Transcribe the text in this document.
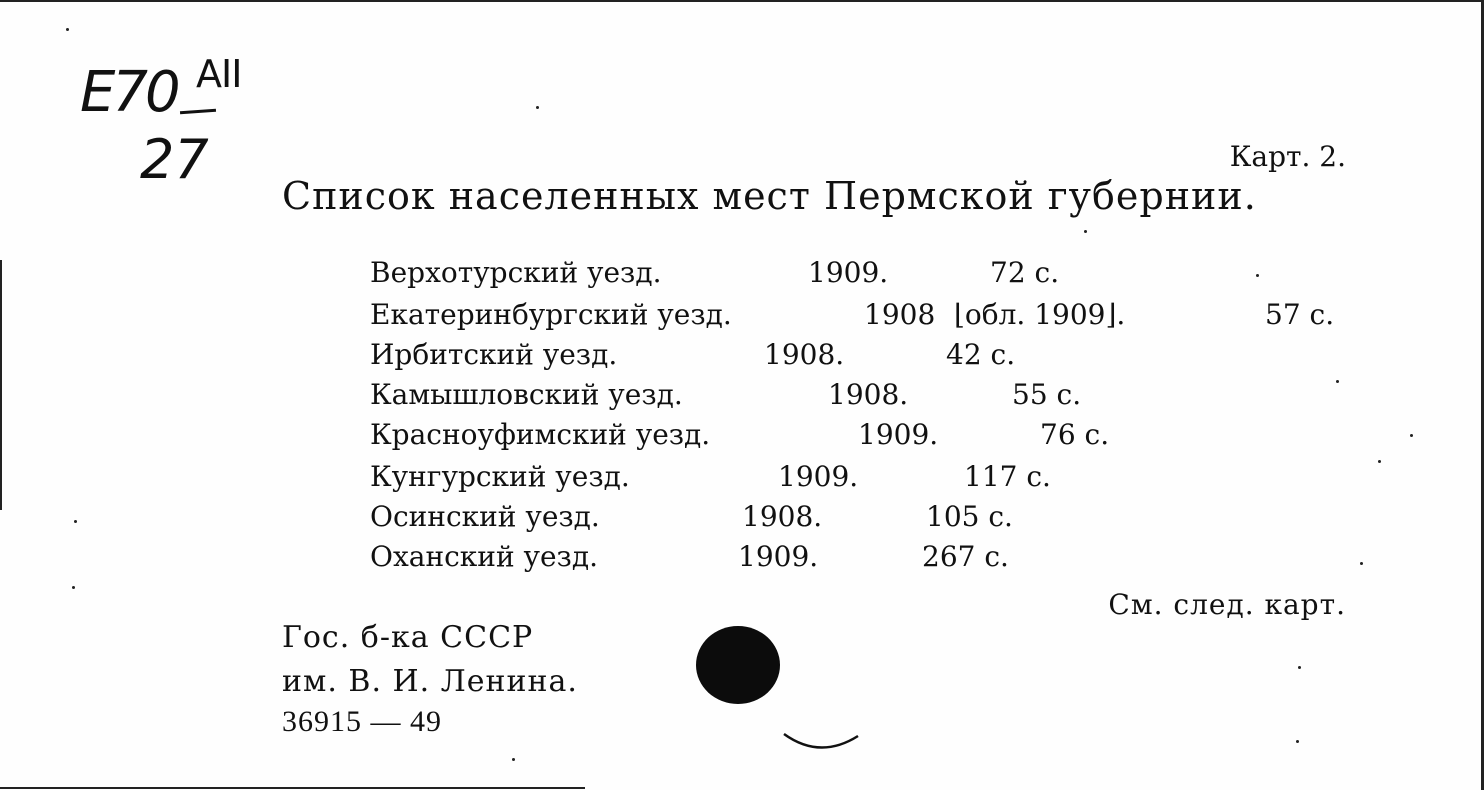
E70 AII
27	Карт. 2.
Список населенных мест Пермской губернии.
Верхотурский уезд.	1909.	72 с.
Екатеринбургский уезд.	1908 ⌊обл. 1909⌋.	57 с.
Ирбитский уезд.	1908.	42 с.
Камышловский уезд.	1908.	55 с.
Красноуфимский уезд.	1909.	76 с.
Кунгурский уезд.	1909.	117 с.
Осинский уезд.	1908.	105 с.
Оханский уезд.	1909.	267 с.
См. след. карт.
Гос. б-ка СССР
им. В. И. Ленина.
36915 — 49
